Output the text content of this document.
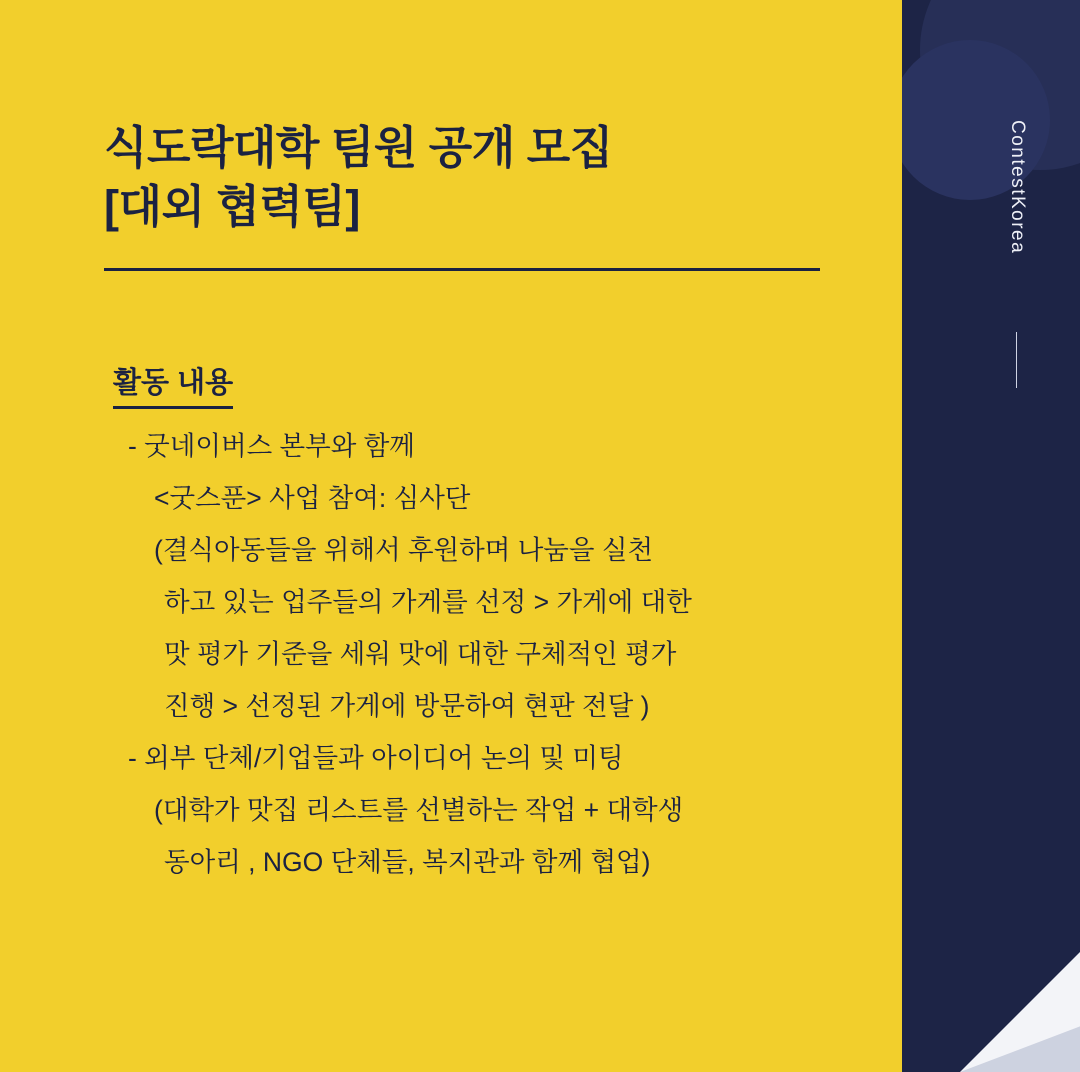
ContestKorea
식도락대학 팀원 공개 모집
[대외 협력팀]
활동 내용
- 굿네이버스 본부와 함께
<굿스푼> 사업 참여: 심사단
(결식아동들을 위해서 후원하며 나눔을 실천
하고 있는 업주들의 가게를 선정 > 가게에 대한
맛 평가 기준을 세워 맛에 대한 구체적인 평가
진행 > 선정된 가게에 방문하여 현판 전달 )
- 외부 단체/기업들과 아이디어 논의 및 미팅
(대학가 맛집 리스트를 선별하는 작업 + 대학생
동아리 , NGO 단체들, 복지관과 함께 협업)
